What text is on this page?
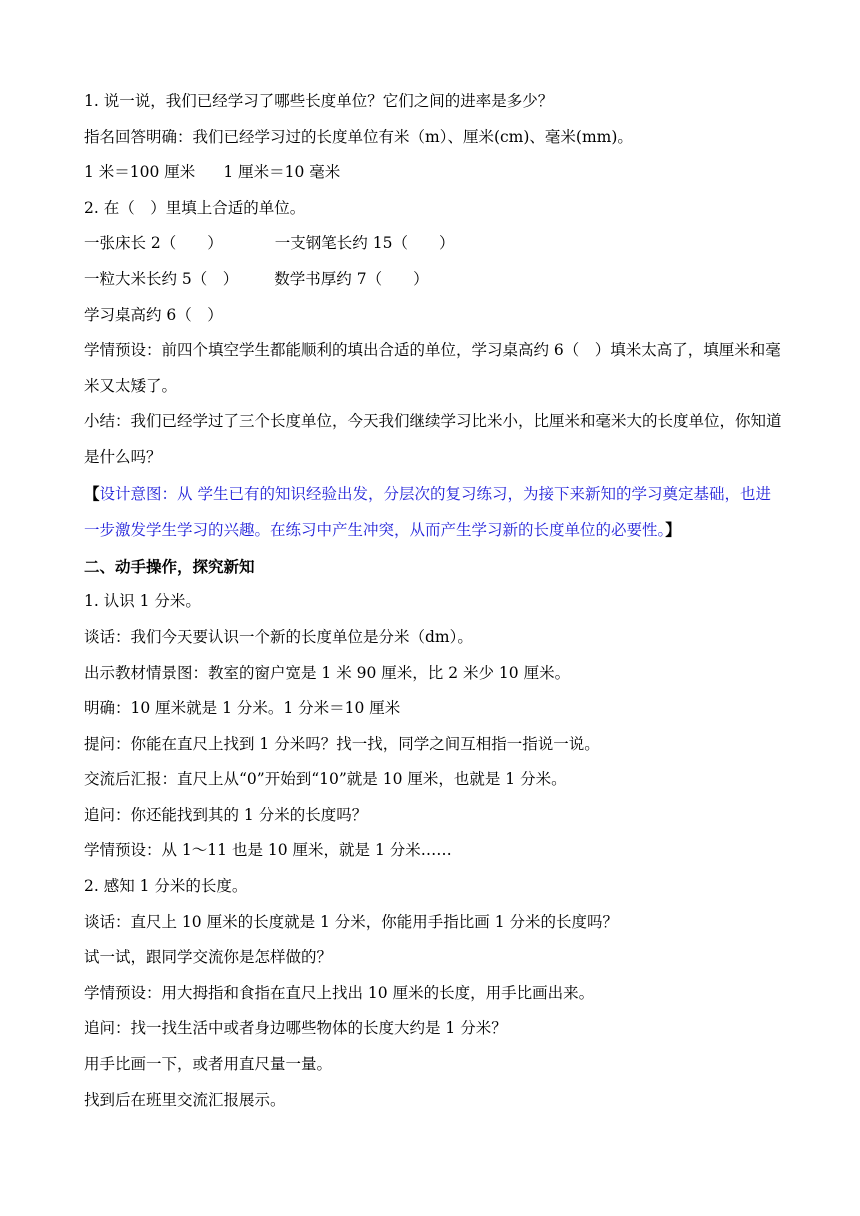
1. 说一说，我们已经学习了哪些长度单位？它们之间的进率是多少？
指名回答明确：我们已经学习过的长度单位有米（m）、厘米(cm)、毫米(mm)。
1 米＝100 厘米 1 厘米＝10 毫米
2. 在（　）里填上合适的单位。
一张床长 2（　　）	一支钢笔长约 15（　　）
一粒大米长约 5（　） 数学书厚约 7（　　）
学习桌高约 6（　）
学情预设：前四个填空学生都能顺利的填出合适的单位，学习桌高约 6（　）填米太高了，填厘米和毫米又太矮了。
小结：我们已经学过了三个长度单位，今天我们继续学习比米小，比厘米和毫米大的长度单位，你知道是什么吗？
【设计意图：从 学生已有的知识经验出发，分层次的复习练习，为接下来新知的学习奠定基础，也进一步激发学生学习的兴趣。在练习中产生冲突，从而产生学习新的长度单位的必要性。】
二、动手操作，探究新知
1. 认识 1 分米。
谈话：我们今天要认识一个新的长度单位是分米（dm）。
出示教材情景图：教室的窗户宽是 1 米 90 厘米，比 2 米少 10 厘米。
明确：10 厘米就是 1 分米。1 分米＝10 厘米
提问：你能在直尺上找到 1 分米吗？找一找，同学之间互相指一指说一说。
交流后汇报：直尺上从“0”开始到“10”就是 10 厘米，也就是 1 分米。
追问：你还能找到其的 1 分米的长度吗？
学情预设：从 1～11 也是 10 厘米，就是 1 分米……
2. 感知 1 分米的长度。
谈话：直尺上 10 厘米的长度就是 1 分米，你能用手指比画 1 分米的长度吗？
试一试，跟同学交流你是怎样做的？
学情预设：用大拇指和食指在直尺上找出 10 厘米的长度，用手比画出来。
追问：找一找生活中或者身边哪些物体的长度大约是 1 分米？
用手比画一下，或者用直尺量一量。
找到后在班里交流汇报展示。
